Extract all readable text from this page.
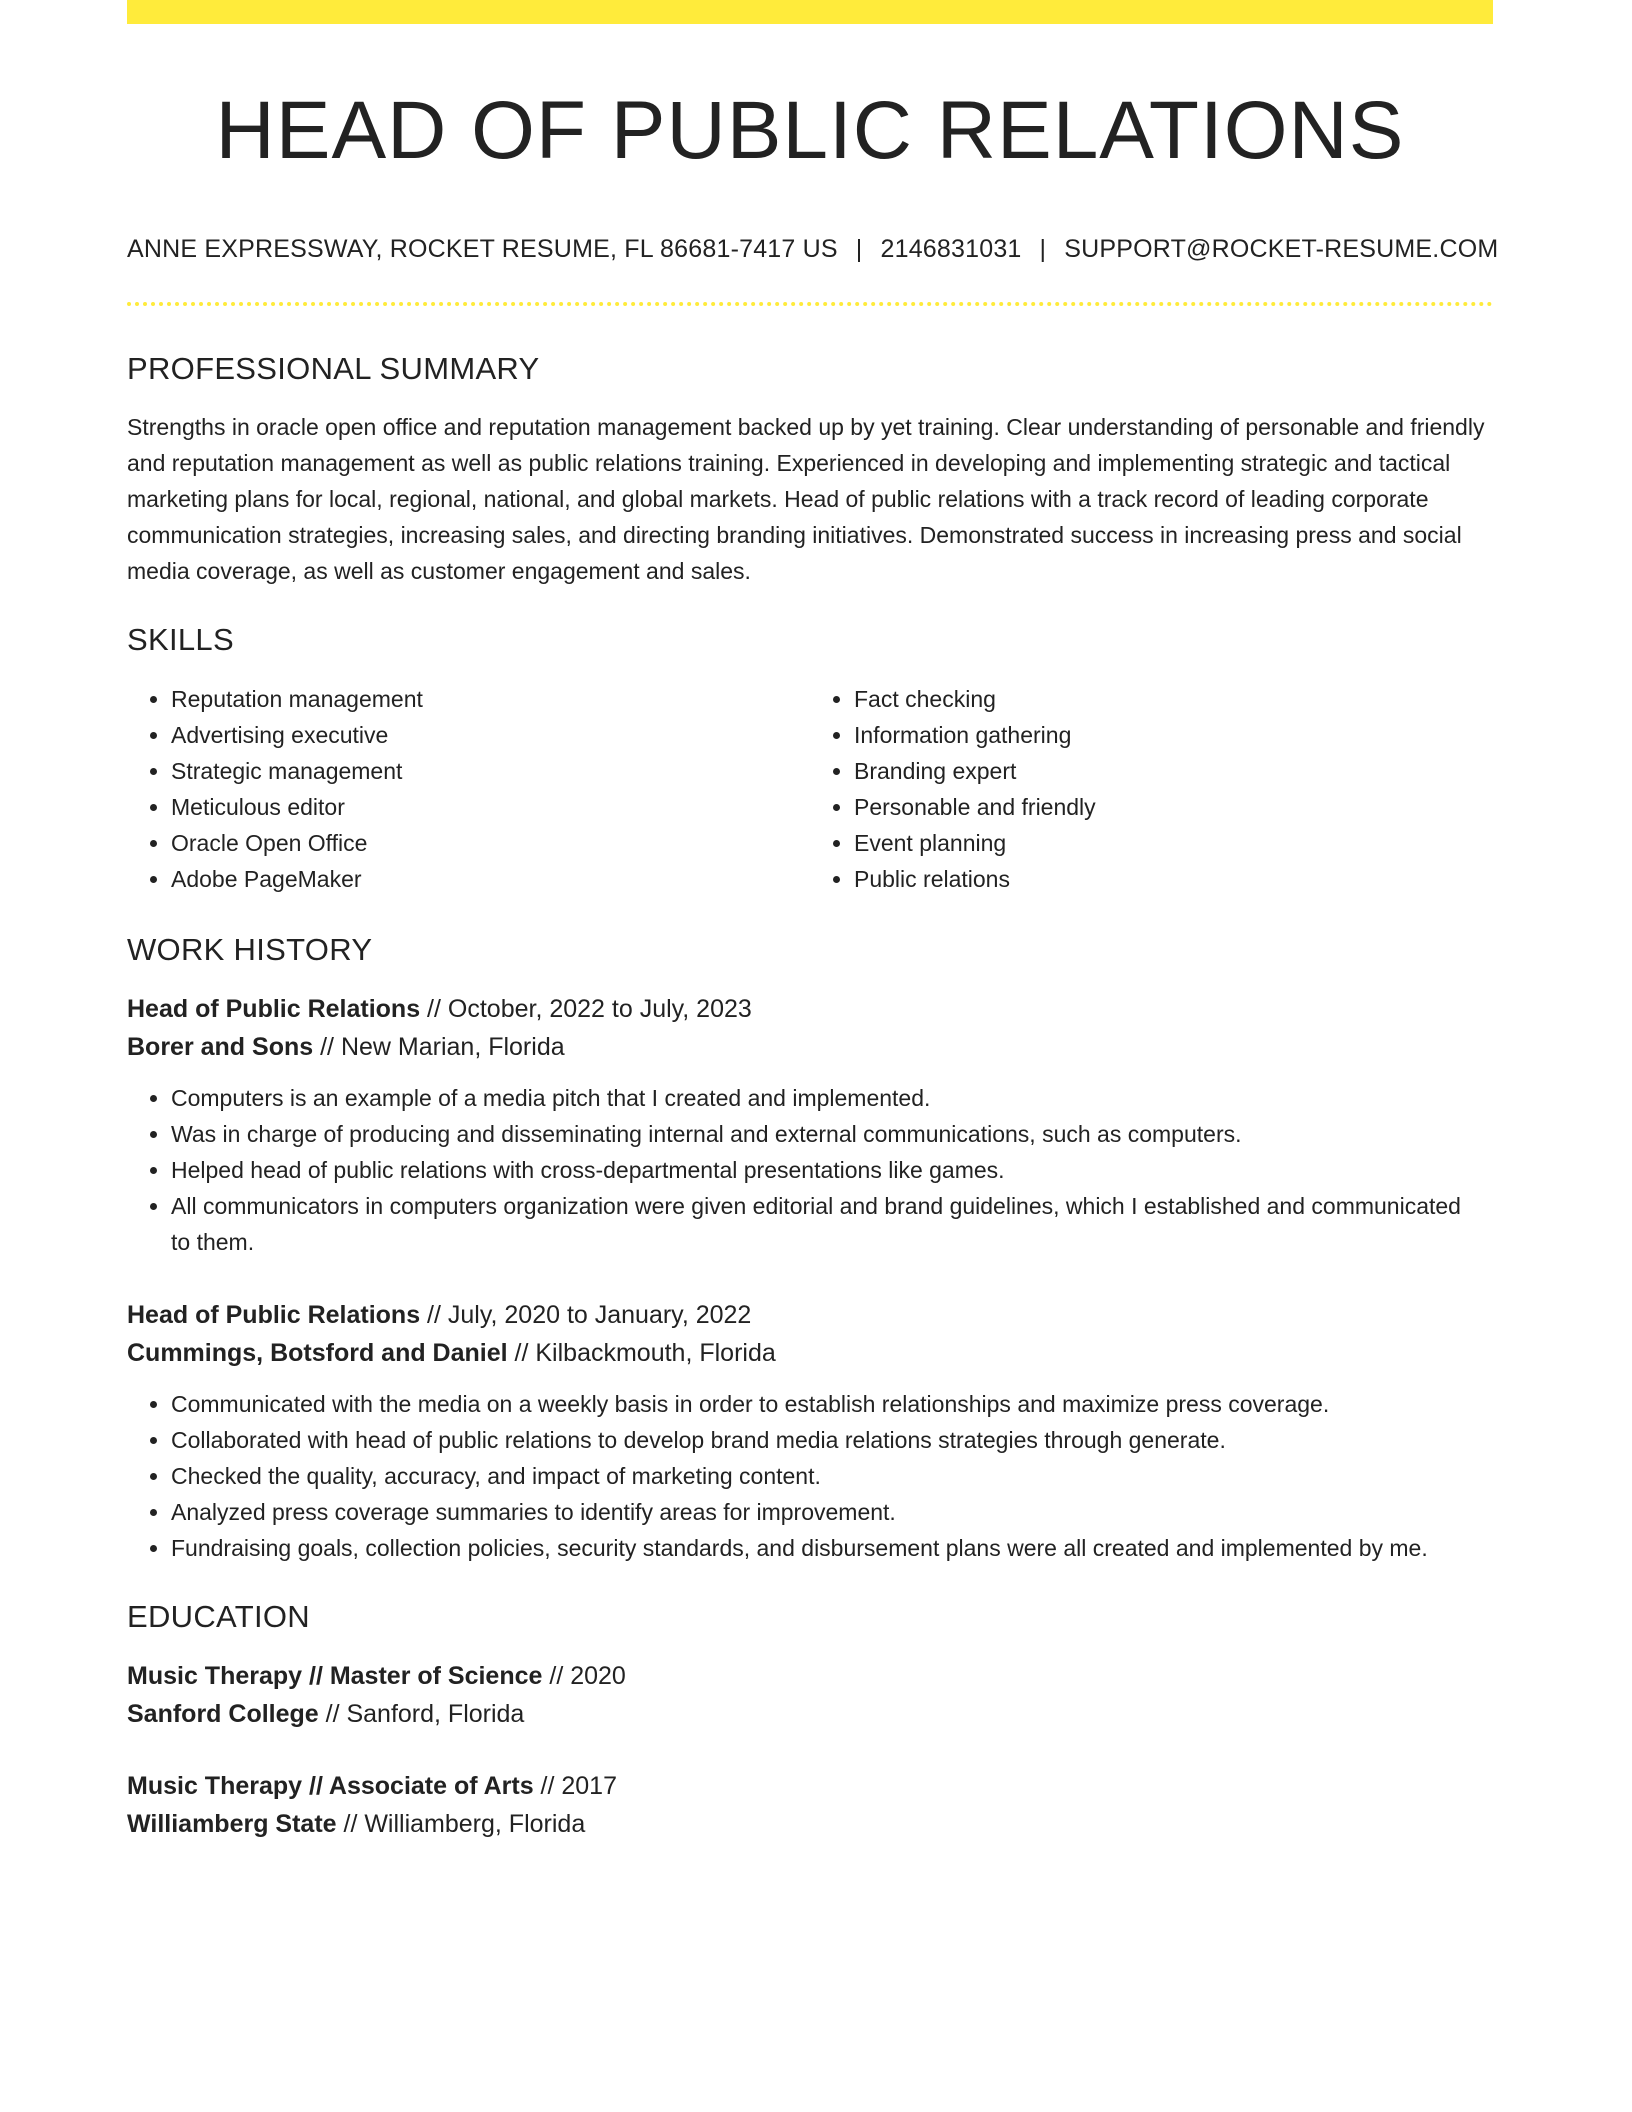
HEAD OF PUBLIC RELATIONS
ANNE EXPRESSWAY, ROCKET RESUME, FL 86681-7417 US | 2146831031 | SUPPORT@ROCKET-RESUME.COM
PROFESSIONAL SUMMARY
Strengths in oracle open office and reputation management backed up by yet training. Clear understanding of personable and friendly and reputation management as well as public relations training. Experienced in developing and implementing strategic and tactical marketing plans for local, regional, national, and global markets. Head of public relations with a track record of leading corporate communication strategies, increasing sales, and directing branding initiatives. Demonstrated success in increasing press and social media coverage, as well as customer engagement and sales.
SKILLS
• Reputation management
• Advertising executive
• Strategic management
• Meticulous editor
• Oracle Open Office
• Adobe PageMaker
• Fact checking
• Information gathering
• Branding expert
• Personable and friendly
• Event planning
• Public relations
WORK HISTORY
Head of Public Relations // October, 2022 to July, 2023
Borer and Sons // New Marian, Florida
• Computers is an example of a media pitch that I created and implemented.
• Was in charge of producing and disseminating internal and external communications, such as computers.
• Helped head of public relations with cross-departmental presentations like games.
• All communicators in computers organization were given editorial and brand guidelines, which I established and communicated to them.
Head of Public Relations // July, 2020 to January, 2022
Cummings, Botsford and Daniel // Kilbackmouth, Florida
• Communicated with the media on a weekly basis in order to establish relationships and maximize press coverage.
• Collaborated with head of public relations to develop brand media relations strategies through generate.
• Checked the quality, accuracy, and impact of marketing content.
• Analyzed press coverage summaries to identify areas for improvement.
• Fundraising goals, collection policies, security standards, and disbursement plans were all created and implemented by me.
EDUCATION
Music Therapy // Master of Science // 2020
Sanford College // Sanford, Florida
Music Therapy // Associate of Arts // 2017
Williamberg State // Williamberg, Florida
